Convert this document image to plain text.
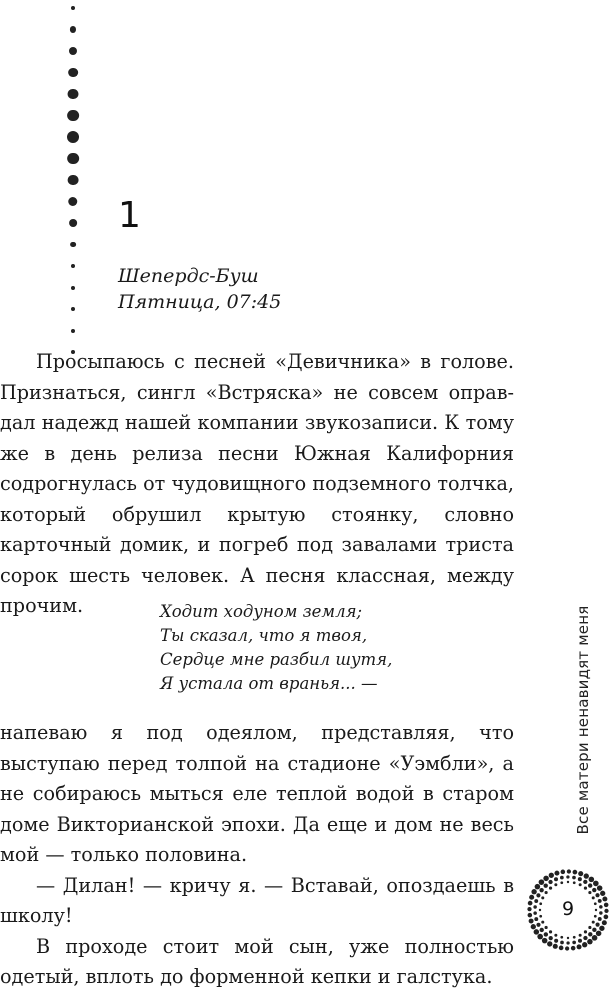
1
Шепердс-Буш
Пятница, 07:45

Просыпаюсь с песней «Девичника» в голове. Признаться, сингл «Встряска» не совсем оправдал надежд нашей компании звукозаписи. К тому же в день релиза песни Южная Калифорния содрогнулась от чудовищного подземного толчка, который обрушил крытую стоянку, словно карточный домик, и погреб под завалами триста сорок шесть человек. А песня классная, между прочим.	Ходит ходуном земля;
Ты сказал, что я твоя,
Сердце мне разбил шутя,
Я устала от вранья... —

напеваю я под одеялом, представляя, что выступаю перед толпой на стадионе «Уэмбли», а не собираюсь мыться еле теплой водой в старом доме Викторианской эпохи. Да еще и дом не весь мой — только половина.

— Дилан! — кричу я. — Вставай, опоздаешь в школу!

В проходе стоит мой сын, уже полностью одетый, вплоть до форменной кепки и галстука.

Все матери ненавидят меня
9
